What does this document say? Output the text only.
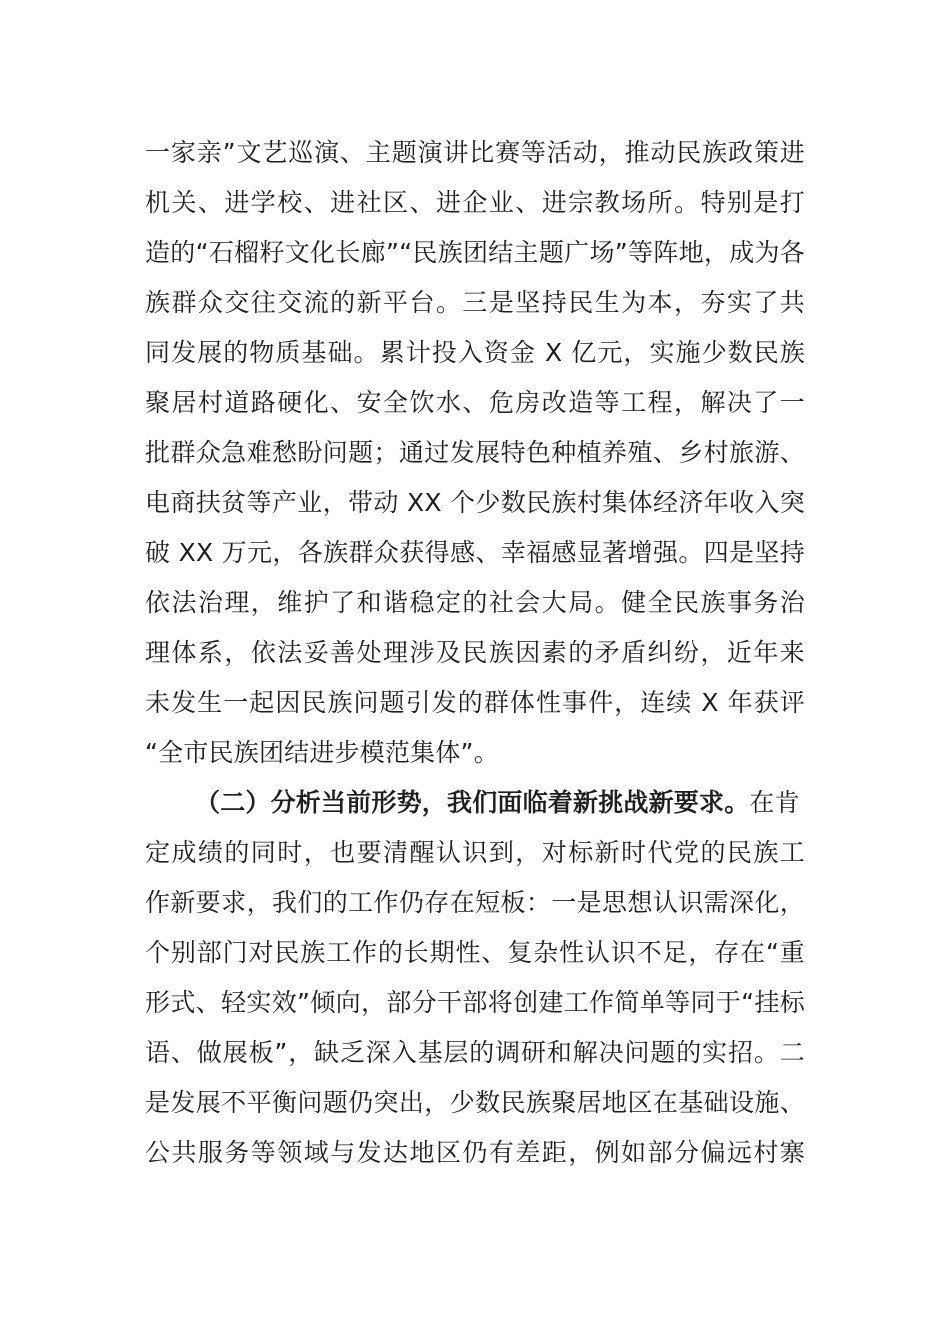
一家亲”文艺巡演、主题演讲比赛等活动，推动民族政策进
机关、进学校、进社区、进企业、进宗教场所。特别是打
造的“石榴籽文化长廊”“民族团结主题广场”等阵地，成为各
族群众交往交流的新平台。三是坚持民生为本，夯实了共
同发展的物质基础。累计投入资金 X 亿元，实施少数民族
聚居村道路硬化、安全饮水、危房改造等工程，解决了一
批群众急难愁盼问题；通过发展特色种植养殖、乡村旅游、
电商扶贫等产业，带动 XX 个少数民族村集体经济年收入突
破 XX 万元，各族群众获得感、幸福感显著增强。四是坚持
依法治理，维护了和谐稳定的社会大局。健全民族事务治
理体系，依法妥善处理涉及民族因素的矛盾纠纷，近年来
未发生一起因民族问题引发的群体性事件，连续 X 年获评
“全市民族团结进步模范集体”。
（二）分析当前形势，我们面临着新挑战新要求。在肯
定成绩的同时，也要清醒认识到，对标新时代党的民族工
作新要求，我们的工作仍存在短板：一是思想认识需深化，
个别部门对民族工作的长期性、复杂性认识不足，存在“重
形式、轻实效”倾向，部分干部将创建工作简单等同于“挂标
语、做展板”，缺乏深入基层的调研和解决问题的实招。二
是发展不平衡问题仍突出，少数民族聚居地区在基础设施、
公共服务等领域与发达地区仍有差距，例如部分偏远村寨
